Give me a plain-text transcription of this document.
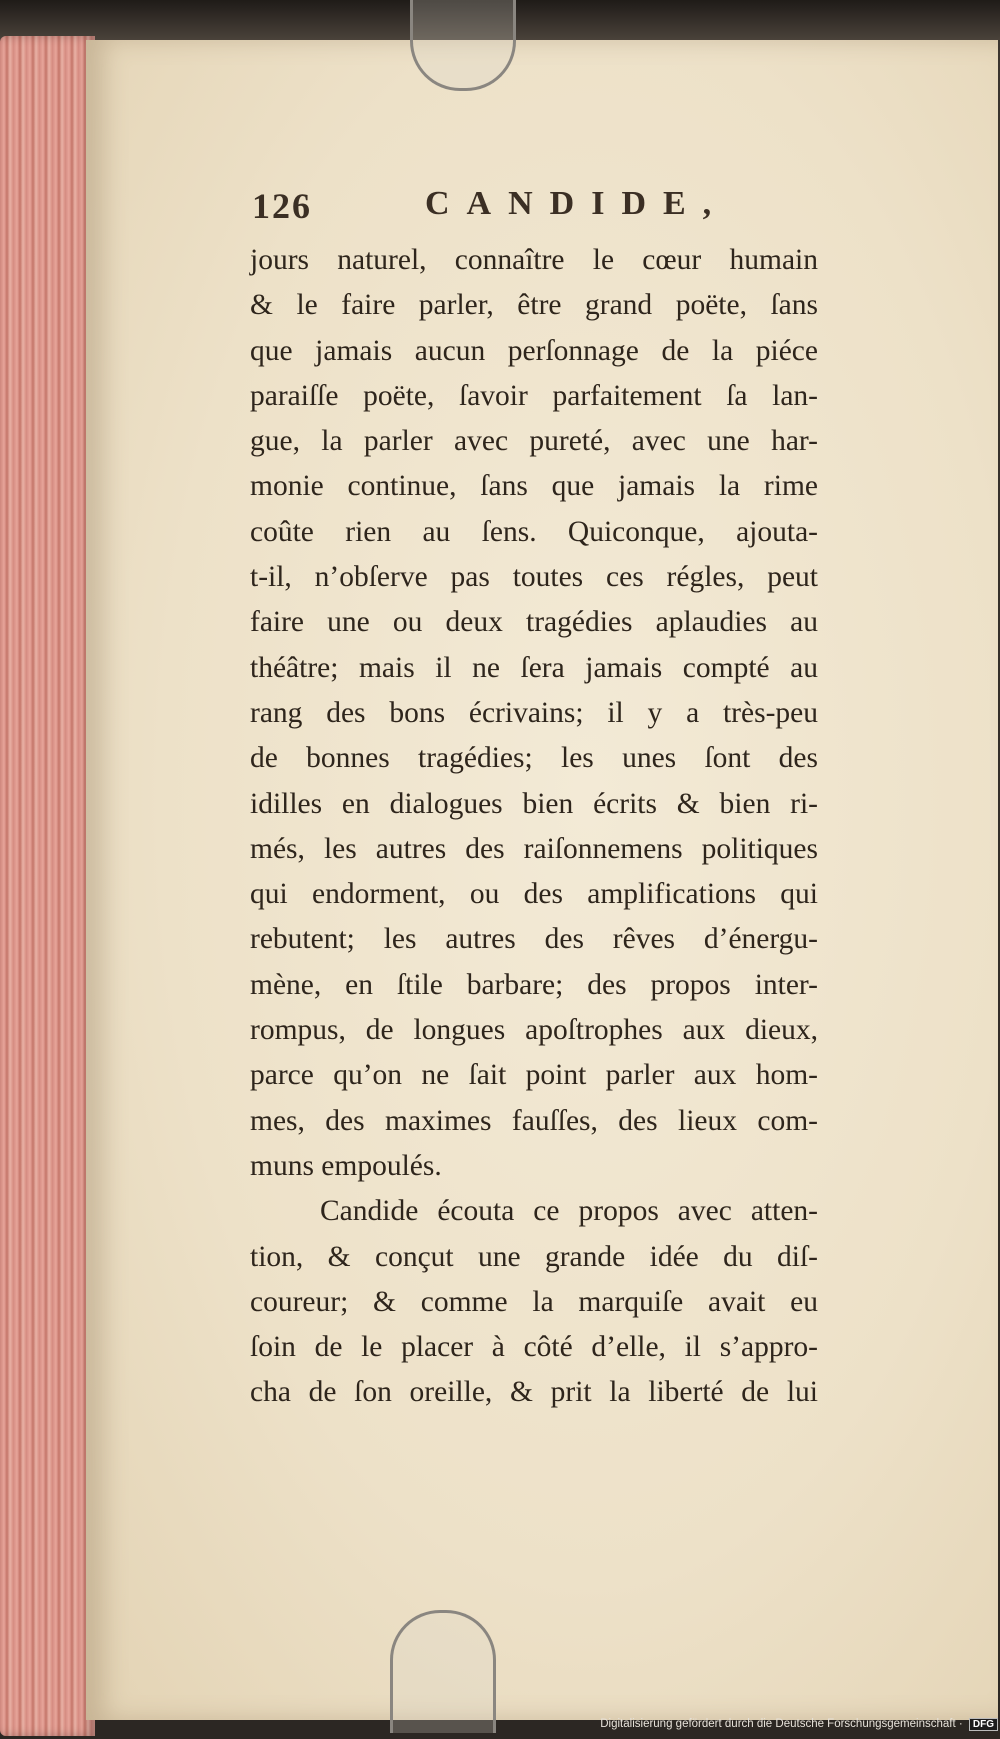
126	CANDIDE,
jours naturel, connaître le cœur humain
& le faire parler, être grand poëte, ſans
que jamais aucun perſonnage de la piéce
paraiſſe poëte, ſavoir parfaitement ſa lan-
gue, la parler avec pureté, avec une har-
monie continue, ſans que jamais la rime
coûte rien au ſens. Quiconque, ajouta-
t-il, n’obſerve pas toutes ces régles, peut
faire une ou deux tragédies aplaudies au
théâtre; mais il ne ſera jamais compté au
rang des bons écrivains; il y a très-peu
de bonnes tragédies; les unes ſont des
idilles en dialogues bien écrits & bien ri-
més, les autres des raiſonnemens politiques
qui endorment, ou des amplifications qui
rebutent; les autres des rêves d’énergu-
mène, en ſtile barbare; des propos inter-
rompus, de longues apoſtrophes aux dieux,
parce qu’on ne ſait point parler aux hom-
mes, des maximes fauſſes, des lieux com-
muns empoulés.
Candide écouta ce propos avec atten-
tion, & conçut une grande idée du diſ-
coureur; & comme la marquiſe avait eu
ſoin de le placer à côté d’elle, il s’appro-
cha de ſon oreille, & prit la liberté de lui
Digitalisierung gefördert durch die Deutsche Forschungsgemeinschaft · DFG
